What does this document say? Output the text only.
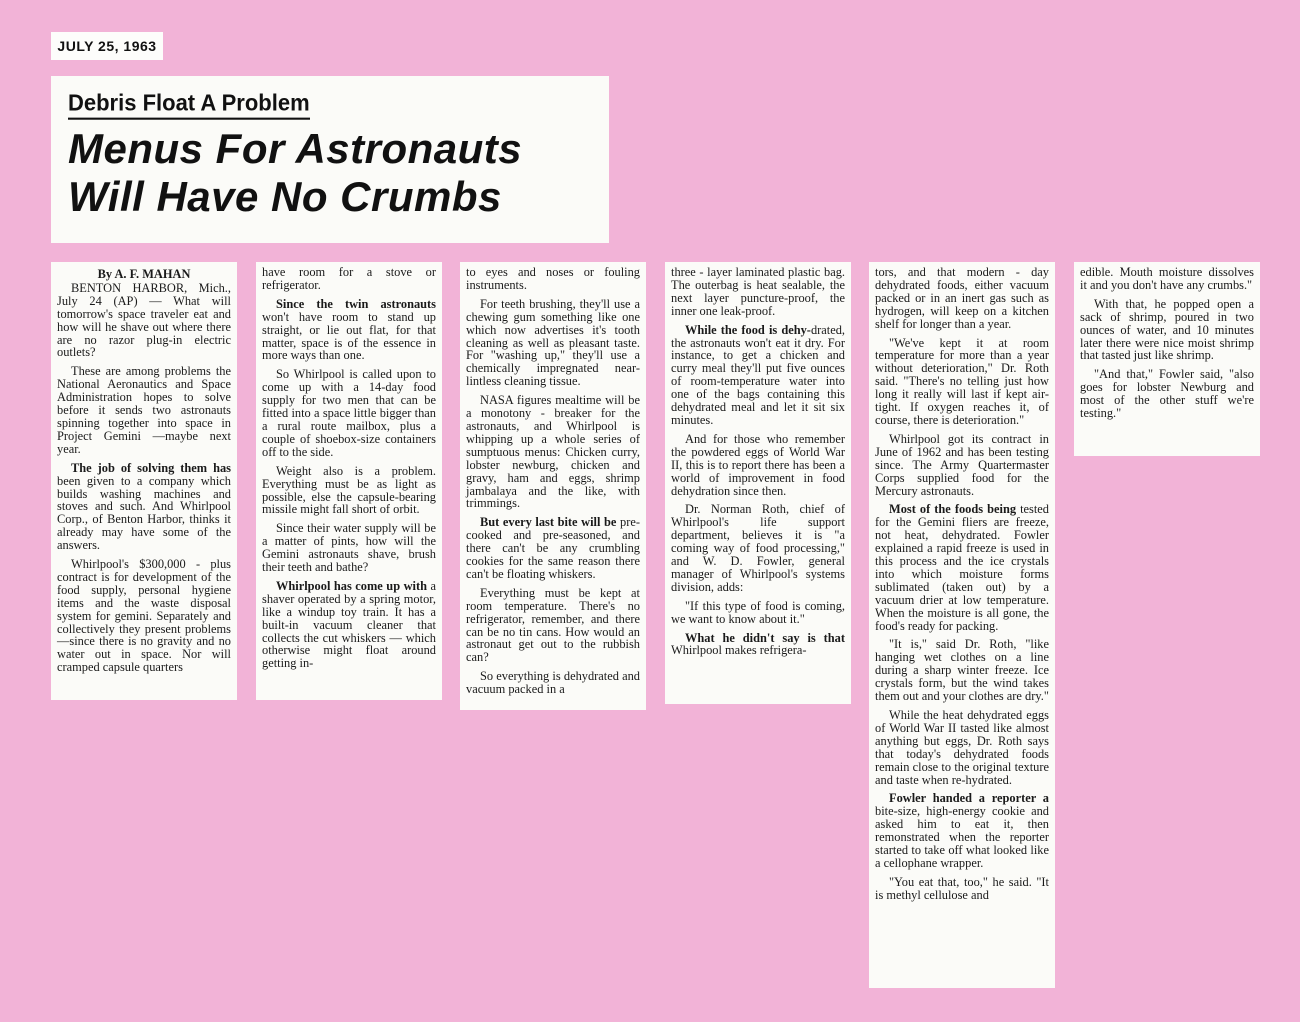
JULY 25, 1963
Debris Float A Problem
Menus For Astronauts
Will Have No Crumbs
By A. F. MAHAN

BENTON HARBOR, Mich., July 24 (AP) — What will tomorrow's space traveler eat and how will he shave out where there are no razor plug-in electric outlets?

These are among problems the National Aeronautics and Space Administration hopes to solve before it sends two astronauts spinning together into space in Project Gemini —maybe next year.

The job of solving them has been given to a company which builds washing machines and stoves and such. And Whirlpool Corp., of Benton Harbor, thinks it already may have some of the answers.

Whirlpool's $300,000 - plus contract is for development of the food supply, personal hygiene items and the waste disposal system for gemini. Separately and collectively they present problems—since there is no gravity and no water out in space. Nor will cramped capsule quarters

have room for a stove or refrigerator.

Since the twin astronauts won't have room to stand up straight, or lie out flat, for that matter, space is of the essence in more ways than one.

So Whirlpool is called upon to come up with a 14-day food supply for two men that can be fitted into a space little bigger than a rural route mailbox, plus a couple of shoebox-size containers off to the side.

Weight also is a problem. Everything must be as light as possible, else the capsule-bearing missile might fall short of orbit.

Since their water supply will be a matter of pints, how will the Gemini astronauts shave, brush their teeth and bathe?

Whirlpool has come up with a shaver operated by a spring motor, like a windup toy train. It has a built-in vacuum cleaner that collects the cut whiskers — which otherwise might float around getting in-

to eyes and noses or fouling instruments.

For teeth brushing, they'll use a chewing gum something like one which now advertises it's tooth cleaning as well as pleasant taste. For "washing up," they'll use a chemically impregnated near-lintless cleaning tissue.

NASA figures mealtime will be a monotony - breaker for the astronauts, and Whirlpool is whipping up a whole series of sumptuous menus: Chicken curry, lobster newburg, chicken and gravy, ham and eggs, shrimp jambalaya and the like, with trimmings.

But every last bite will be pre-cooked and pre-seasoned, and there can't be any crumbling cookies for the same reason there can't be floating whiskers.

Everything must be kept at room temperature. There's no refrigerator, remember, and there can be no tin cans. How would an astronaut get out to the rubbish can?

So everything is dehydrated and vacuum packed in a

three - layer laminated plastic bag. The outerbag is heat sealable, the next layer puncture-proof, the inner one leak-proof.

While the food is dehy-drated, the astronauts won't eat it dry. For instance, to get a chicken and curry meal they'll put five ounces of room-temperature water into one of the bags containing this dehydrated meal and let it sit six minutes.

And for those who remember the powdered eggs of World War II, this is to report there has been a world of improvement in food dehydration since then.

Dr. Norman Roth, chief of Whirlpool's life support department, believes it is "a coming way of food processing," and W. D. Fowler, general manager of Whirlpool's systems division, adds:

"If this type of food is coming, we want to know about it."

What he didn't say is that Whirlpool makes refrigera-

tors, and that modern - day dehydrated foods, either vacuum packed or in an inert gas such as hydrogen, will keep on a kitchen shelf for longer than a year.

"We've kept it at room temperature for more than a year without deterioration," Dr. Roth said. "There's no telling just how long it really will last if kept air-tight. If oxygen reaches it, of course, there is deterioration."

Whirlpool got its contract in June of 1962 and has been testing since. The Army Quartermaster Corps supplied food for the Mercury astronauts.

Most of the foods being tested for the Gemini fliers are freeze, not heat, dehydrated. Fowler explained a rapid freeze is used in this process and the ice crystals into which moisture forms sublimated (taken out) by a vacuum drier at low temperature. When the moisture is all gone, the food's ready for packing.

"It is," said Dr. Roth, "like hanging wet clothes on a line during a sharp winter freeze. Ice crystals form, but the wind takes them out and your clothes are dry."

While the heat dehydrated eggs of World War II tasted like almost anything but eggs, Dr. Roth says that today's dehydrated foods remain close to the original texture and taste when re-hydrated.

Fowler handed a reporter a bite-size, high-energy cookie and asked him to eat it, then remonstrated when the reporter started to take off what looked like a cellophane wrapper.

"You eat that, too," he said. "It is methyl cellulose and

edible. Mouth moisture dissolves it and you don't have any crumbs."

With that, he popped open a sack of shrimp, poured in two ounces of water, and 10 minutes later there were nice moist shrimp that tasted just like shrimp.

"And that," Fowler said, "also goes for lobster Newburg and most of the other stuff we're testing."
